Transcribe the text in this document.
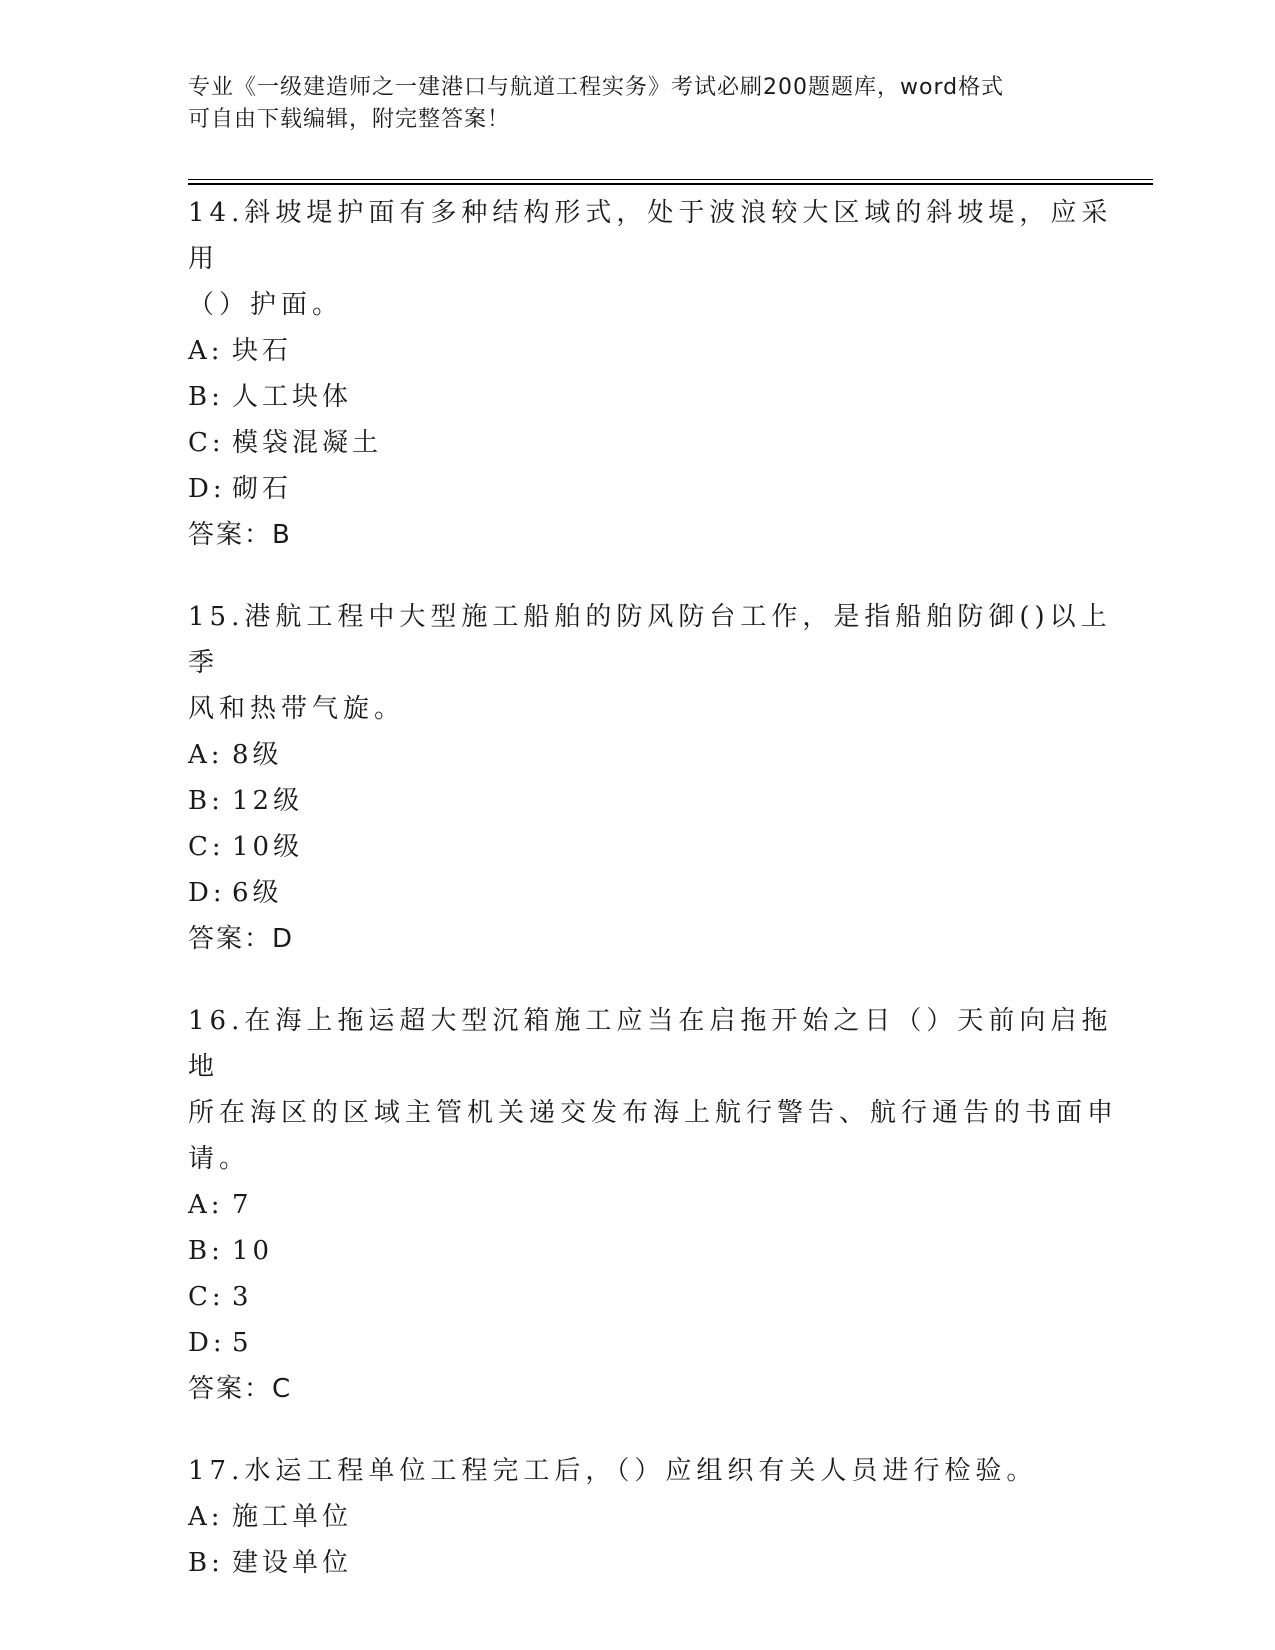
专业《一级建造师之一建港口与航道工程实务》考试必刷200题题库，word格式

可自由下载编辑，附完整答案！

14.斜坡堤护面有多种结构形式，处于波浪较大区域的斜坡堤，应采用

（）护面。

A: 块石

B: 人工块体

C: 模袋混凝土

D: 砌石

答案：B

15.港航工程中大型施工船舶的防风防台工作，是指船舶防御()以上季

风和热带气旋。

A: 8级

B: 12级

C: 10级

D: 6级

答案：D

16.在海上拖运超大型沉箱施工应当在启拖开始之日（）天前向启拖地

所在海区的区域主管机关递交发布海上航行警告、航行通告的书面申

请。

A: 7

B: 10

C: 3

D: 5

答案：C

17.水运工程单位工程完工后，（）应组织有关人员进行检验。

A: 施工单位

B: 建设单位
